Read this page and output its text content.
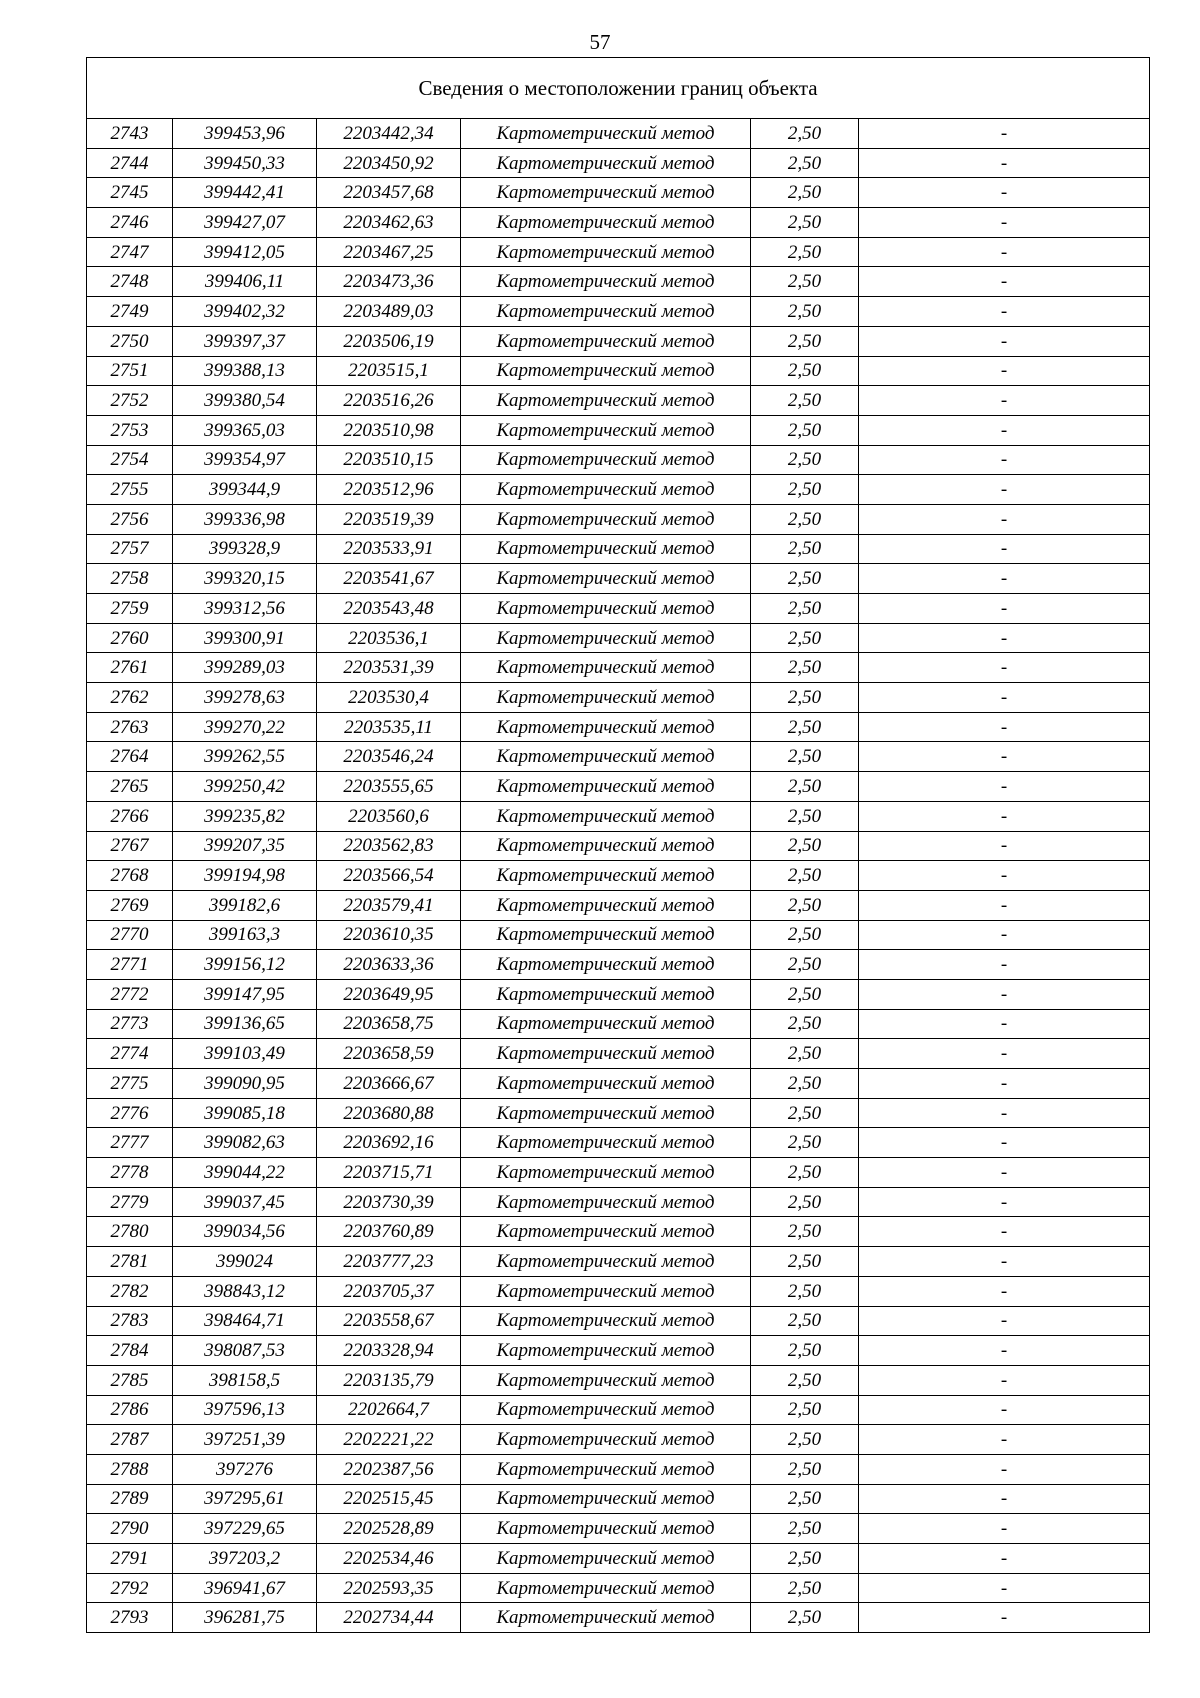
57
Сведения о местоположении границ объекта					
2743	399453,96	2203442,34	Картометрический метод	2,50	-
2744	399450,33	2203450,92	Картометрический метод	2,50	-
2745	399442,41	2203457,68	Картометрический метод	2,50	-
2746	399427,07	2203462,63	Картометрический метод	2,50	-
2747	399412,05	2203467,25	Картометрический метод	2,50	-
2748	399406,11	2203473,36	Картометрический метод	2,50	-
2749	399402,32	2203489,03	Картометрический метод	2,50	-
2750	399397,37	2203506,19	Картометрический метод	2,50	-
2751	399388,13	2203515,1	Картометрический метод	2,50	-
2752	399380,54	2203516,26	Картометрический метод	2,50	-
2753	399365,03	2203510,98	Картометрический метод	2,50	-
2754	399354,97	2203510,15	Картометрический метод	2,50	-
2755	399344,9	2203512,96	Картометрический метод	2,50	-
2756	399336,98	2203519,39	Картометрический метод	2,50	-
2757	399328,9	2203533,91	Картометрический метод	2,50	-
2758	399320,15	2203541,67	Картометрический метод	2,50	-
2759	399312,56	2203543,48	Картометрический метод	2,50	-
2760	399300,91	2203536,1	Картометрический метод	2,50	-
2761	399289,03	2203531,39	Картометрический метод	2,50	-
2762	399278,63	2203530,4	Картометрический метод	2,50	-
2763	399270,22	2203535,11	Картометрический метод	2,50	-
2764	399262,55	2203546,24	Картометрический метод	2,50	-
2765	399250,42	2203555,65	Картометрический метод	2,50	-
2766	399235,82	2203560,6	Картометрический метод	2,50	-
2767	399207,35	2203562,83	Картометрический метод	2,50	-
2768	399194,98	2203566,54	Картометрический метод	2,50	-
2769	399182,6	2203579,41	Картометрический метод	2,50	-
2770	399163,3	2203610,35	Картометрический метод	2,50	-
2771	399156,12	2203633,36	Картометрический метод	2,50	-
2772	399147,95	2203649,95	Картометрический метод	2,50	-
2773	399136,65	2203658,75	Картометрический метод	2,50	-
2774	399103,49	2203658,59	Картометрический метод	2,50	-
2775	399090,95	2203666,67	Картометрический метод	2,50	-
2776	399085,18	2203680,88	Картометрический метод	2,50	-
2777	399082,63	2203692,16	Картометрический метод	2,50	-
2778	399044,22	2203715,71	Картометрический метод	2,50	-
2779	399037,45	2203730,39	Картометрический метод	2,50	-
2780	399034,56	2203760,89	Картометрический метод	2,50	-
2781	399024	2203777,23	Картометрический метод	2,50	-
2782	398843,12	2203705,37	Картометрический метод	2,50	-
2783	398464,71	2203558,67	Картометрический метод	2,50	-
2784	398087,53	2203328,94	Картометрический метод	2,50	-
2785	398158,5	2203135,79	Картометрический метод	2,50	-
2786	397596,13	2202664,7	Картометрический метод	2,50	-
2787	397251,39	2202221,22	Картометрический метод	2,50	-
2788	397276	2202387,56	Картометрический метод	2,50	-
2789	397295,61	2202515,45	Картометрический метод	2,50	-
2790	397229,65	2202528,89	Картометрический метод	2,50	-
2791	397203,2	2202534,46	Картометрический метод	2,50	-
2792	396941,67	2202593,35	Картометрический метод	2,50	-
2793	396281,75	2202734,44	Картометрический метод	2,50	-
